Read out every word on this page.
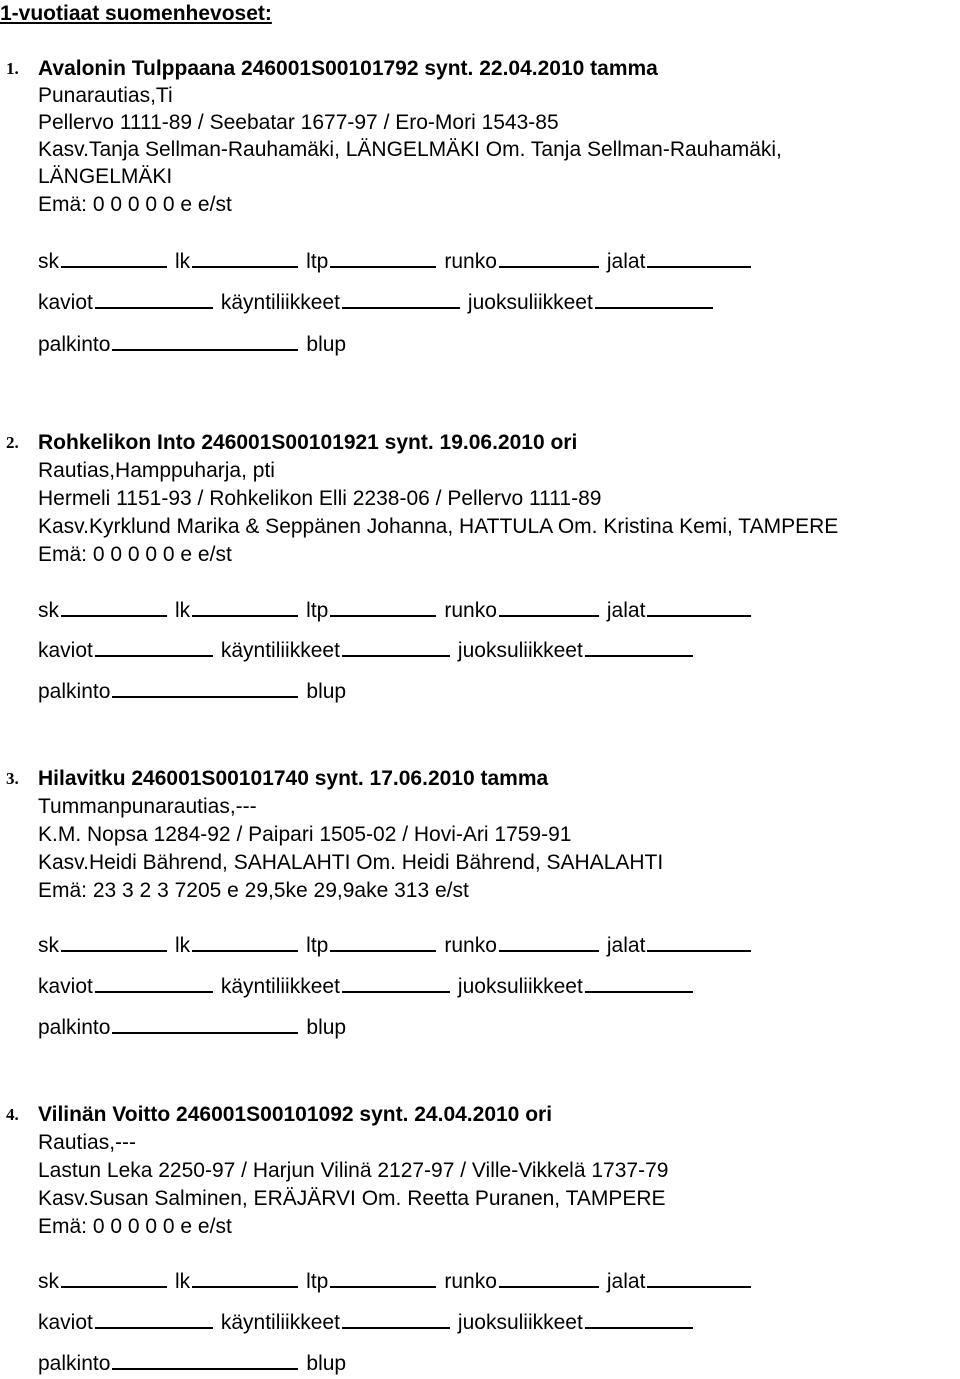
1-vuotiaat suomenhevoset:
1. Avalonin Tulppaana 246001S00101792 synt. 22.04.2010 tamma
Punarautias,Ti
Pellervo 1111-89 / Seebatar 1677-97 / Ero-Mori 1543-85
Kasv.Tanja Sellman-Rauhamäki, LÄNGELMÄKI Om. Tanja Sellman-Rauhamäki,
LÄNGELMÄKI
Emä: 0 0 0 0 0 e e/st
sk	lk	ltp	runko	jalat
kaviot	käyntiliikkeet	juoksuliikkeet
palkinto	blup
2. Rohkelikon Into 246001S00101921 synt. 19.06.2010 ori
Rautias,Hamppuharja, pti
Hermeli 1151-93 / Rohkelikon Elli 2238-06 / Pellervo 1111-89
Kasv.Kyrklund Marika & Seppänen Johanna, HATTULA Om. Kristina Kemi, TAMPERE
Emä: 0 0 0 0 0 e e/st
sk	lk	ltp	runko	jalat
kaviot	käyntiliikkeet	juoksuliikkeet
palkinto	blup
3. Hilavitku 246001S00101740 synt. 17.06.2010 tamma
Tummanpunarautias,---
K.M. Nopsa 1284-92 / Paipari 1505-02 / Hovi-Ari 1759-91
Kasv.Heidi Bährend, SAHALAHTI Om. Heidi Bährend, SAHALAHTI
Emä: 23 3 2 3 7205 e 29,5ke 29,9ake 313 e/st
sk	lk	ltp	runko	jalat
kaviot	käyntiliikkeet	juoksuliikkeet
palkinto	blup
4. Vilinän Voitto 246001S00101092 synt. 24.04.2010 ori
Rautias,---
Lastun Leka 2250-97 / Harjun Vilinä 2127-97 / Ville-Vikkelä 1737-79
Kasv.Susan Salminen, ERÄJÄRVI Om. Reetta Puranen, TAMPERE
Emä: 0 0 0 0 0 e e/st
sk	lk	ltp	runko	jalat
kaviot	käyntiliikkeet	juoksuliikkeet
palkinto	blup
